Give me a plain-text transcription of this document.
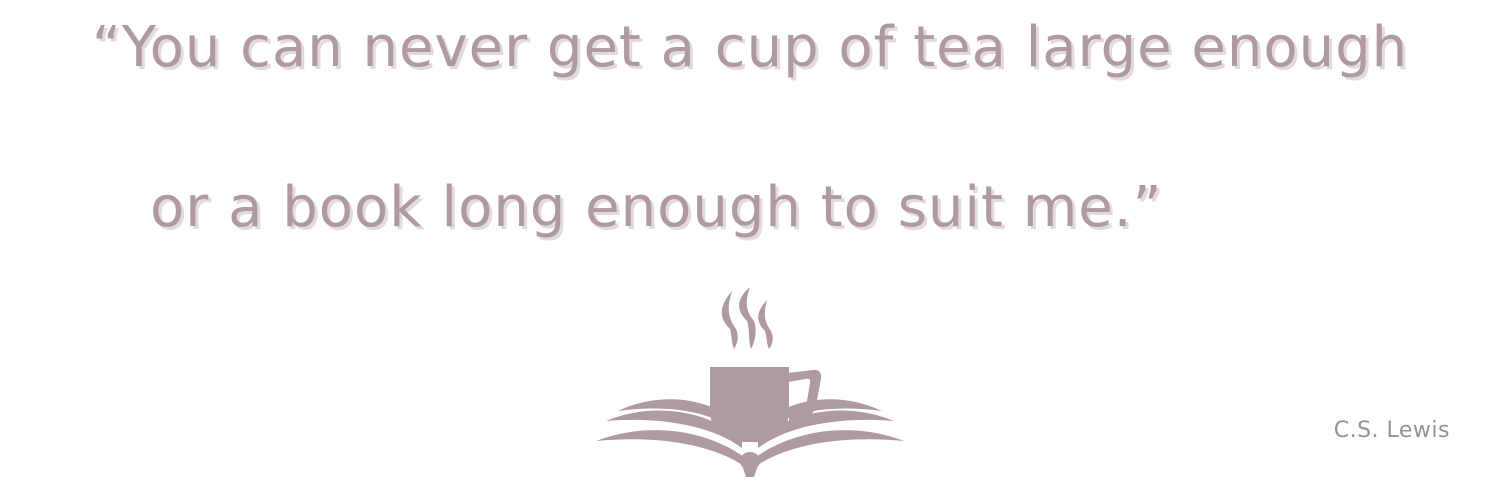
“You can never get a cup of tea large enough

or a book long enough to suit me.”

C.S. Lewis
